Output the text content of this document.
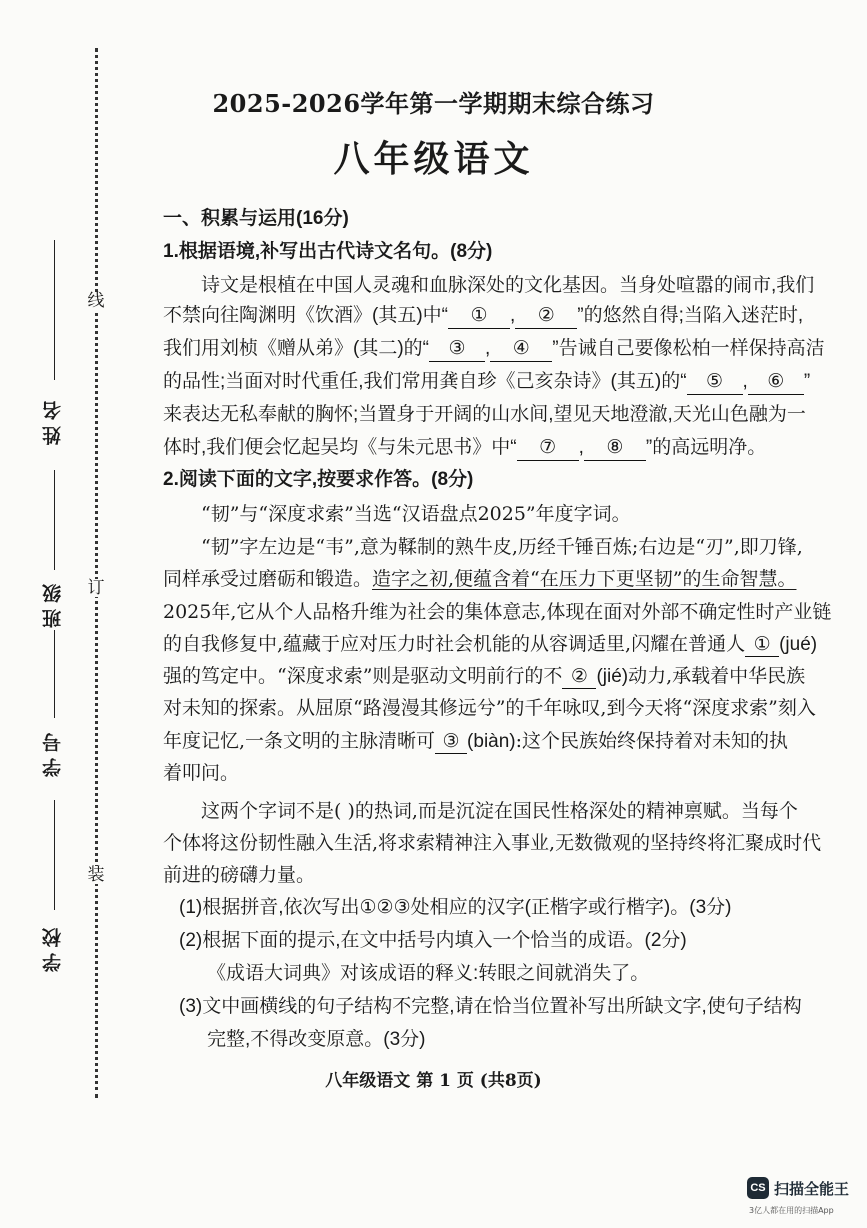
线
订
装
姓名
班级
学号
学校
2025-2026学年第一学期期末综合练习
八年级语文
一、积累与运用(16分)
1.根据语境,补写出古代诗文名句。(8分)
诗文是根植在中国人灵魂和血脉深处的文化基因。当身处喧嚣的闹市,我们
不禁向往陶渊明《饮酒》(其五)中“ ① , ② ”的悠然自得;当陷入迷茫时,
我们用刘桢《赠从弟》(其二)的“ ③ , ④ ”告诫自己要像松柏一样保持高洁
的品性;当面对时代重任,我们常用龚自珍《己亥杂诗》(其五)的“ ⑤ , ⑥ ”
来表达无私奉献的胸怀;当置身于开阔的山水间,望见天地澄澈,天光山色融为一
体时,我们便会忆起吴均《与朱元思书》中“ ⑦ , ⑧ ”的高远明净。
2.阅读下面的文字,按要求作答。(8分)
“韧”与“深度求索”当选“汉语盘点2025”年度字词。
“韧”字左边是“韦”,意为鞣制的熟牛皮,历经千锤百炼;右边是“刃”,即刀锋,
同样承受过磨砺和锻造。造字之初,便蕴含着“在压力下更坚韧”的生命智慧。
2025年,它从个人品格升维为社会的集体意志,体现在面对外部不确定性时产业链
的自我修复中,蕴藏于应对压力时社会机能的从容调适里,闪耀在普通人 ① (jué)
强的笃定中。“深度求索”则是驱动文明前行的不 ② (jié)动力,承载着中华民族
对未知的探索。从屈原“路漫漫其修远兮”的千年咏叹,到今天将“深度求索”刻入
年度记忆,一条文明的主脉清晰可 ③ (biàn):这个民族始终保持着对未知的执
着叩问。
这两个字词不是( )的热词,而是沉淀在国民性格深处的精神禀赋。当每个
个体将这份韧性融入生活,将求索精神注入事业,无数微观的坚持终将汇聚成时代
前进的磅礴力量。
(1)根据拼音,依次写出①②③处相应的汉字(正楷字或行楷字)。(3分)
(2)根据下面的提示,在文中括号内填入一个恰当的成语。(2分)
《成语大词典》对该成语的释义:转眼之间就消失了。
(3)文中画横线的句子结构不完整,请在恰当位置补写出所缺文字,使句子结构
完整,不得改变原意。(3分)
八年级语文 第 1 页 (共8页)
CS 扫描全能王
3亿人都在用的扫描App
